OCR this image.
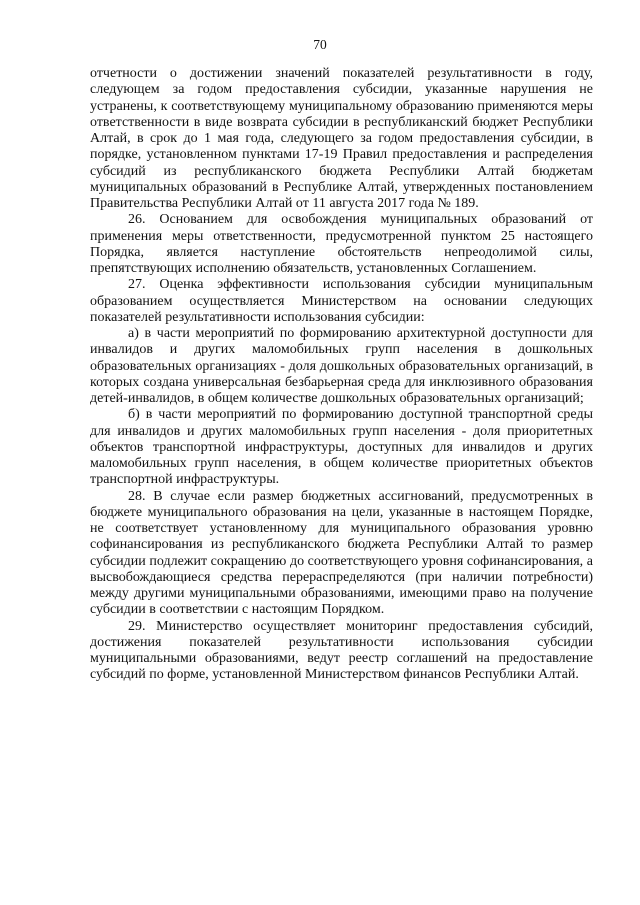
70

отчетности о достижении значений показателей результативности в году, следующем за годом предоставления субсидии, указанные нарушения не устранены, к соответствующему муниципальному образованию применяются меры ответственности в виде возврата субсидии в республиканский бюджет Республики Алтай, в срок до 1 мая года, следующего за годом предоставления субсидии, в порядке, установленном пунктами 17-19 Правил предоставления и распределения субсидий из республиканского бюджета Республики Алтай бюджетам муниципальных образований в Республике Алтай, утвержденных постановлением Правительства Республики Алтай от 11 августа 2017 года № 189.

26. Основанием для освобождения муниципальных образований от применения меры ответственности, предусмотренной пунктом 25 настоящего Порядка, является наступление обстоятельств непреодолимой силы, препятствующих исполнению обязательств, установленных Соглашением.

27. Оценка эффективности использования субсидии муниципальным образованием осуществляется Министерством на основании следующих показателей результативности использования субсидии:

а) в части мероприятий по формированию архитектурной доступности для инвалидов и других маломобильных групп населения в дошкольных образовательных организациях - доля дошкольных образовательных организаций, в которых создана универсальная безбарьерная среда для инклюзивного образования детей-инвалидов, в общем количестве дошкольных образовательных организаций;

б) в части мероприятий по формированию доступной транспортной среды для инвалидов и других маломобильных групп населения - доля приоритетных объектов транспортной инфраструктуры, доступных для инвалидов и других маломобильных групп населения, в общем количестве приоритетных объектов транспортной инфраструктуры.

28. В случае если размер бюджетных ассигнований, предусмотренных в бюджете муниципального образования на цели, указанные в настоящем Порядке, не соответствует установленному для муниципального образования уровню софинансирования из республиканского бюджета Республики Алтай то размер субсидии подлежит сокращению до соответствующего уровня софинансирования, а высвобождающиеся средства перераспределяются (при наличии потребности) между другими муниципальными образованиями, имеющими право на получение субсидии в соответствии с настоящим Порядком.

29. Министерство осуществляет мониторинг предоставления субсидий, достижения показателей результативности использования субсидии муниципальными образованиями, ведут реестр соглашений на предоставление субсидий по форме, установленной Министерством финансов Республики Алтай.
